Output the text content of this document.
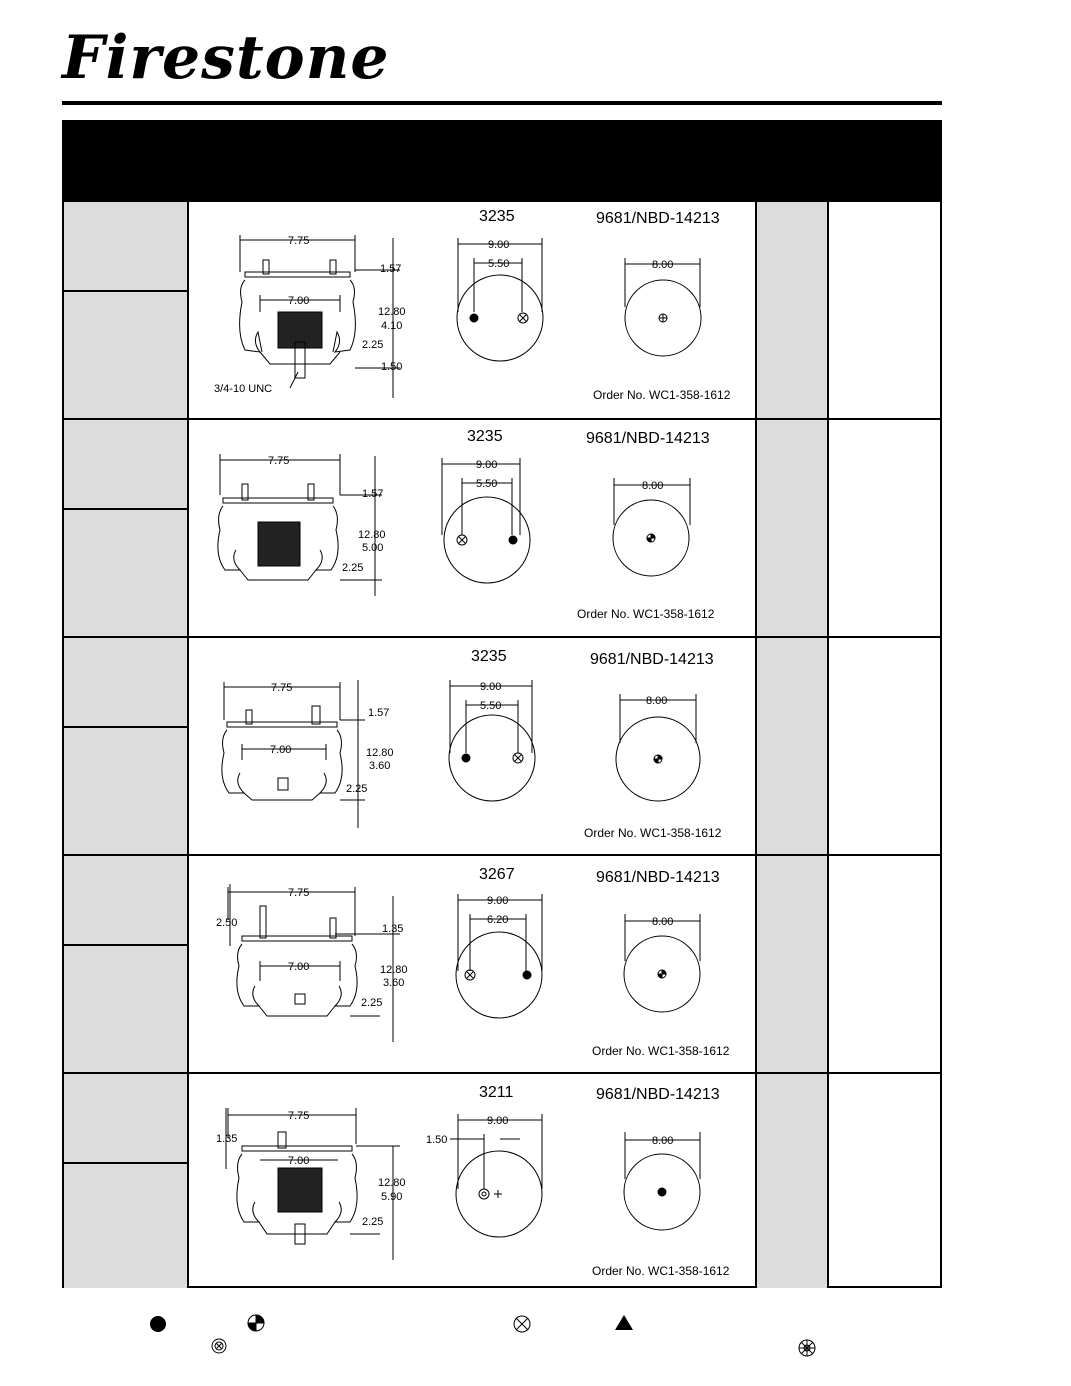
Firestone
7.75
1.57
7.00
12.80
4.10
2.25
1.50
3/4-10 UNC
9.00
5.50	8.00
3235	9681/NBD-14213
Order No. WC1-358-1612
7.75
1.57
12.80
5.00
2.25
9.00
5.50	8.00
3235	9681/NBD-14213
Order No. WC1-358-1612
7.75
1.57
7.00	12.80
3.60
2.25
9.00
5.50	8.00
3235	9681/NBD-14213
Order No. WC1-358-1612
7.75
2.50	1.35
7.00	12.80
3.60
2.25
9.00
6.20	8.00
3267	9681/NBD-14213
Order No. WC1-358-1612
7.75
1.35
7.00
12.80
5.90
2.25
9.00
1.50	8.00
3211	9681/NBD-14213
Order No. WC1-358-1612
